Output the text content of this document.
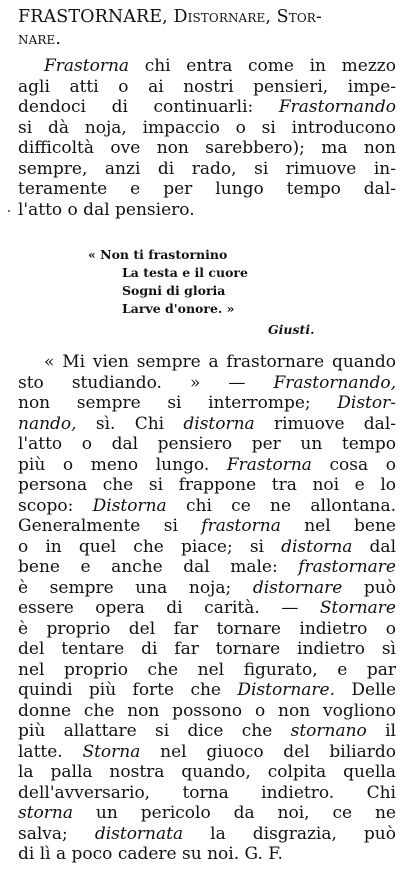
FRASTORNARE, Distornare, Stor-
nare.
Frastorna chi entra come in mezzo
agli atti o ai nostri pensieri, impe-
dendoci di continuarli: Frastornando
si dà noja, impaccio o si introducono
difficoltà ove non sarebbero); ma non
sempre, anzi di rado, si rimuove in-
teramente e per lungo tempo dal-
l'atto o dal pensiero.
« Non ti frastornino
La testa e il cuore
Sogni di gloria
Larve d'onore. »
Giusti.
« Mi vien sempre a frastornare quando
sto studiando. » — Frastornando,
non sempre si interrompe; Distor-
nando, sì. Chi distorna rimuove dal-
l'atto o dal pensiero per un tempo
più o meno lungo. Frastorna cosa o
persona che si frappone tra noi e lo
scopo: Distorna chi ce ne allontana.
Generalmente si frastorna nel bene
o in quel che piace; si distorna dal
bene e anche dal male: frastornare
è sempre una noja; distornare può
essere opera di carità. — Stornare
è proprio del far tornare indietro o
del tentare di far tornare indietro sì
nel proprio che nel figurato, e par
quindi più forte che Distornare. Delle
donne che non possono o non vogliono
più allattare si dice che stornano il
latte. Storna nel giuoco del biliardo
la palla nostra quando, colpita quella
dell'avversario, torna indietro. Chi
storna un pericolo da noi, ce ne
salva; distornata la disgrazia, può
di lì a poco cadere su noi. G. F.
